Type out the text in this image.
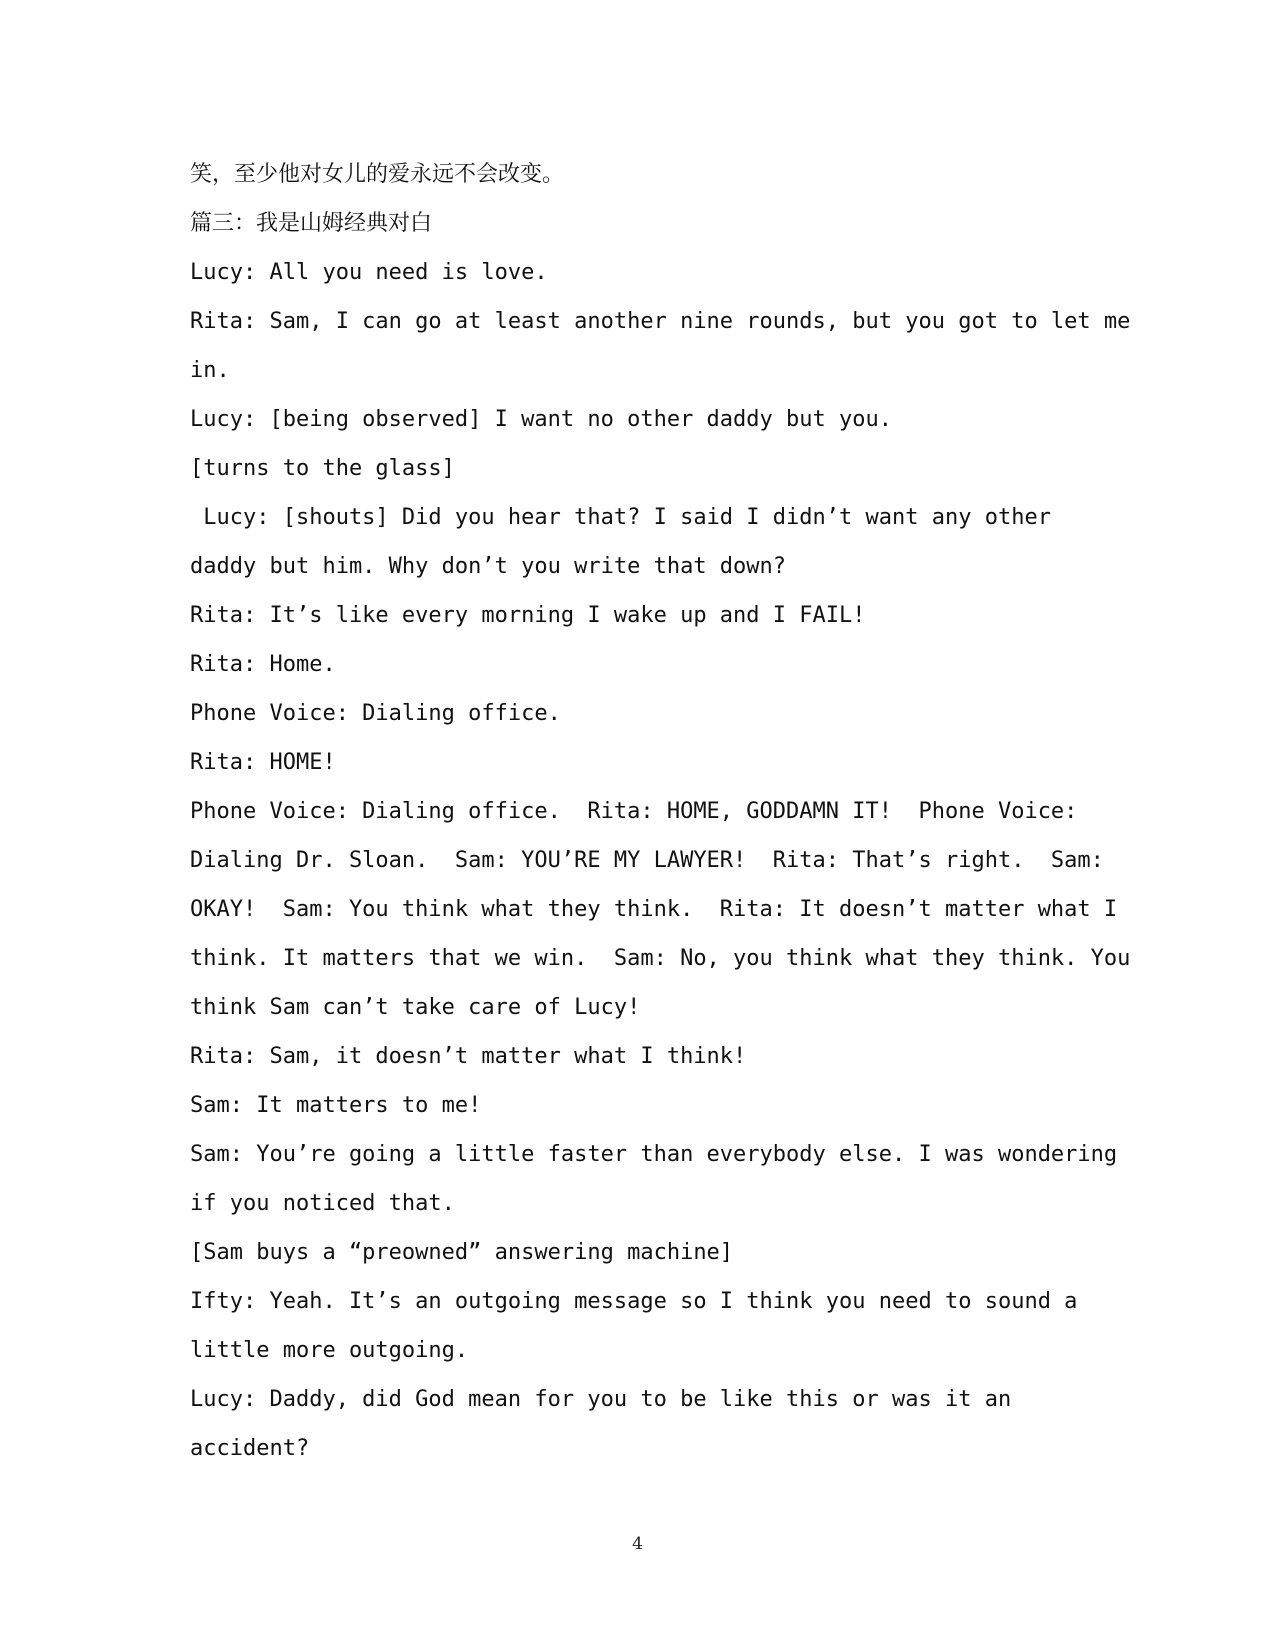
笑，至少他对女儿的爱永远不会改变。

篇三：我是山姆经典对白

Lucy: All you need is love.

Rita: Sam, I can go at least another nine rounds, but you got to let me

in.

Lucy: [being observed] I want no other daddy but you.

[turns to the glass]

Lucy: [shouts] Did you hear that? I said I didn’t want any other

daddy but him. Why don’t you write that down?

Rita: It’s like every morning I wake up and I FAIL!

Rita: Home.

Phone Voice: Dialing office.

Rita: HOME!

Phone Voice: Dialing office.  Rita: HOME, GODDAMN IT!  Phone Voice:

Dialing Dr. Sloan.  Sam: YOU’RE MY LAWYER!  Rita: That’s right.  Sam:

OKAY!  Sam: You think what they think.  Rita: It doesn’t matter what I

think. It matters that we win.  Sam: No, you think what they think. You

think Sam can’t take care of Lucy!

Rita: Sam, it doesn’t matter what I think!

Sam: It matters to me!

Sam: You’re going a little faster than everybody else. I was wondering

if you noticed that.

[Sam buys a “preowned” answering machine]

Ifty: Yeah. It’s an outgoing message so I think you need to sound a

little more outgoing.

Lucy: Daddy, did God mean for you to be like this or was it an

accident?

4
